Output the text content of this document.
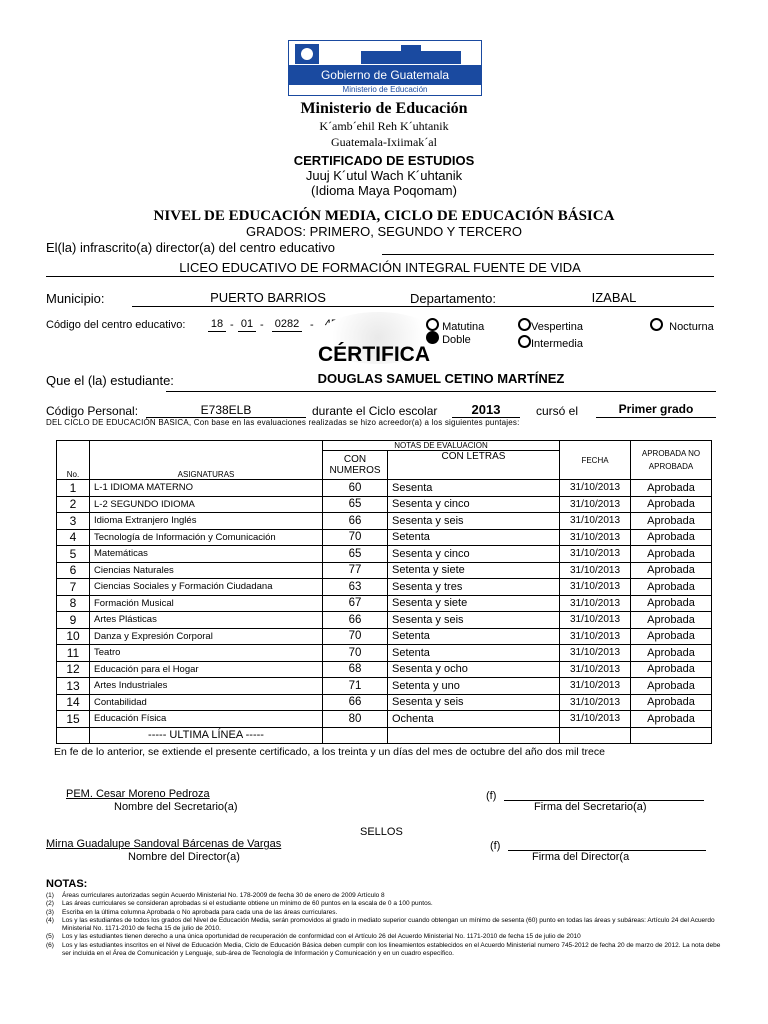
Gobierno de Guatemala
Ministerio de Educación
Ministerio de Educación
K´amb´ehil Reh K´uhtanik
Guatemala-Ixiimak´al
CERTIFICADO DE ESTUDIOS
Juuj K´utul Wach K´uhtanik
(Idioma Maya Poqomam)
NIVEL DE EDUCACIÓN MEDIA, CICLO DE EDUCACIÓN BÁSICA
GRADOS: PRIMERO, SEGUNDO Y TERCERO
El(la) infrascrito(a) director(a) del centro educativo
LICEO EDUCATIVO DE FORMACIÓN INTEGRAL FUENTE DE VIDA
Municipio:	PUERTO BARRIOS	Departamento:	IZABAL
Código del centro educativo: 18 - 01 - 0282 -	Matutina	Vespertina	Nocturna
Doble	Intermedia
CÉRTIFICA
Que el (la) estudiante:	DOUGLAS SAMUEL CETINO MARTÍNEZ
Código Personal:	E738ELB	durante el Ciclo escolar	2013	cursó el	Primer grado
DEL CICLO DE EDUCACIÓN BASICA, Con base en las evaluaciones realizadas se hizo acreedor(a) a los siguientes puntajes:
No.	ASIGNATURAS	NOTAS DE EVALUACION		FECHA	APROBADA NO APROBADA
		CON NUMEROS	CON LETRAS		
1	L-1 IDIOMA MATERNO	60	Sesenta	31/10/2013	Aprobada
2	L-2 SEGUNDO IDIOMA	65	Sesenta y cinco	31/10/2013	Aprobada
3	Idioma Extranjero Inglés	66	Sesenta y seis	31/10/2013	Aprobada
4	Tecnología de Información y Comunicación	70	Setenta	31/10/2013	Aprobada
5	Matemáticas	65	Sesenta y cinco	31/10/2013	Aprobada
6	Ciencias Naturales	77	Setenta y siete	31/10/2013	Aprobada
7	Ciencias Sociales y Formación Ciudadana	63	Sesenta y tres	31/10/2013	Aprobada
8	Formación Musical	67	Sesenta y siete	31/10/2013	Aprobada
9	Artes Plásticas	66	Sesenta y seis	31/10/2013	Aprobada
10	Danza y Expresión Corporal	70	Setenta	31/10/2013	Aprobada
11	Teatro	70	Setenta	31/10/2013	Aprobada
12	Educación para el Hogar	68	Sesenta y ocho	31/10/2013	Aprobada
13	Artes Industriales	71	Setenta y uno	31/10/2013	Aprobada
14	Contabilidad	66	Sesenta y seis	31/10/2013	Aprobada
15	Educación Física	80	Ochenta	31/10/2013	Aprobada
	----- ULTIMA LÍNEA -----				
En fe de lo anterior, se extiende el presente certificado, a los treinta y un días del mes de octubre del año dos mil trece
PEM. Cesar Moreno Pedroza
Nombre del Secretario(a)
(f)
Firma del Secretario(a)
SELLOS
Mirna Guadalupe Sandoval Bárcenas de Vargas
Nombre del Director(a)
(f)
Firma del Director(a
NOTAS:
(1)	Áreas curriculares autorizadas según Acuerdo Ministerial No. 178-2009 de fecha 30 de enero de 2009 Artículo 8
(2)	Las áreas curriculares se consideran aprobadas si el estudiante obtiene un mínimo de 60 puntos en la escala de 0 a 100 puntos.
(3)	Escriba en la última columna Aprobada o No aprobada para cada una de las áreas curriculares.
(4)	Los y las estudiantes de todos los grados del Nivel de Educación Media, serán promovidos al grado in mediato superior cuando obtengan un mínimo de sesenta (60) punto en todas las áreas y subáreas: Artículo 24 del Acuerdo Ministerial No. 1171-2010 de fecha 15 de julio de 2010.
(5)	Los y las estudiantes tienen derecho a una única oportunidad de recuperación de conformidad con el Artículo 26 del Acuerdo Ministerial No. 1171-2010 de fecha 15 de julio de 2010
(6)	Los y las estudiantes inscritos en el Nivel de Educación Media, Ciclo de Educación Básica deben cumplir con los lineamientos establecidos en el Acuerdo Ministerial numero 745-2012 de fecha 20 de marzo de 2012. La nota debe ser incluida en el Área de Comunicación y Lenguaje, sub-área de Tecnología de Información y Comunicación y en un cuadro específico.
